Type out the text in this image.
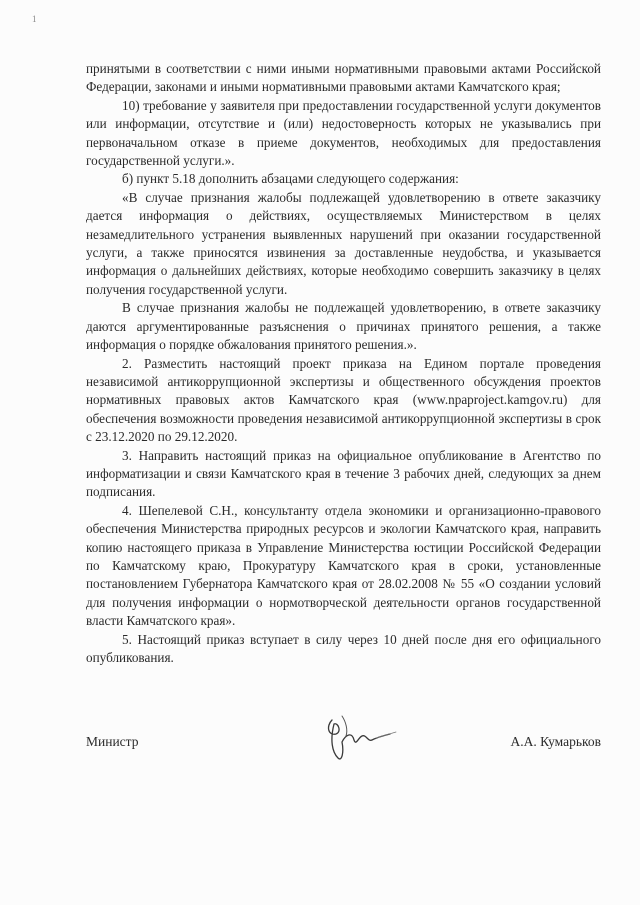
1

принятыми в соответствии с ними иными нормативными правовыми актами Российской Федерации, законами и иными нормативными правовыми актами Камчатского края;

10) требование у заявителя при предоставлении государственной услуги документов или информации, отсутствие и (или) недостоверность которых не указывались при первоначальном отказе в приеме документов, необходимых для предоставления государственной услуги.».

б) пункт 5.18 дополнить абзацами следующего содержания:

«В случае признания жалобы подлежащей удовлетворению в ответе заказчику дается информация о действиях, осуществляемых Министерством в целях незамедлительного устранения выявленных нарушений при оказании государственной услуги, а также приносятся извинения за доставленные неудобства, и указывается информация о дальнейших действиях, которые необходимо совершить заказчику в целях получения государственной услуги.

В случае признания жалобы не подлежащей удовлетворению, в ответе заказчику даются аргументированные разъяснения о причинах принятого решения, а также информация о порядке обжалования принятого решения.».

2. Разместить настоящий проект приказа на Едином портале проведения независимой антикоррупционной экспертизы и общественного обсуждения проектов нормативных правовых актов Камчатского края (www.npaproject.kamgov.ru) для обеспечения возможности проведения независимой антикоррупционной экспертизы в срок с 23.12.2020 по 29.12.2020.

3. Направить настоящий приказ на официальное опубликование в Агентство по информатизации и связи Камчатского края в течение 3 рабочих дней, следующих за днем подписания.

4. Шепелевой С.Н., консультанту отдела экономики и организационно-правового обеспечения Министерства природных ресурсов и экологии Камчатского края, направить копию настоящего приказа в Управление Министерства юстиции Российской Федерации по Камчатскому краю, Прокуратуру Камчатского края в сроки, установленные постановлением Губернатора Камчатского края от 28.02.2008 № 55 «О создании условий для получения информации о нормотворческой деятельности органов государственной власти Камчатского края».

5. Настоящий приказ вступает в силу через 10 дней после дня его официального опубликования.

Министр	А.А. Кумарьков
